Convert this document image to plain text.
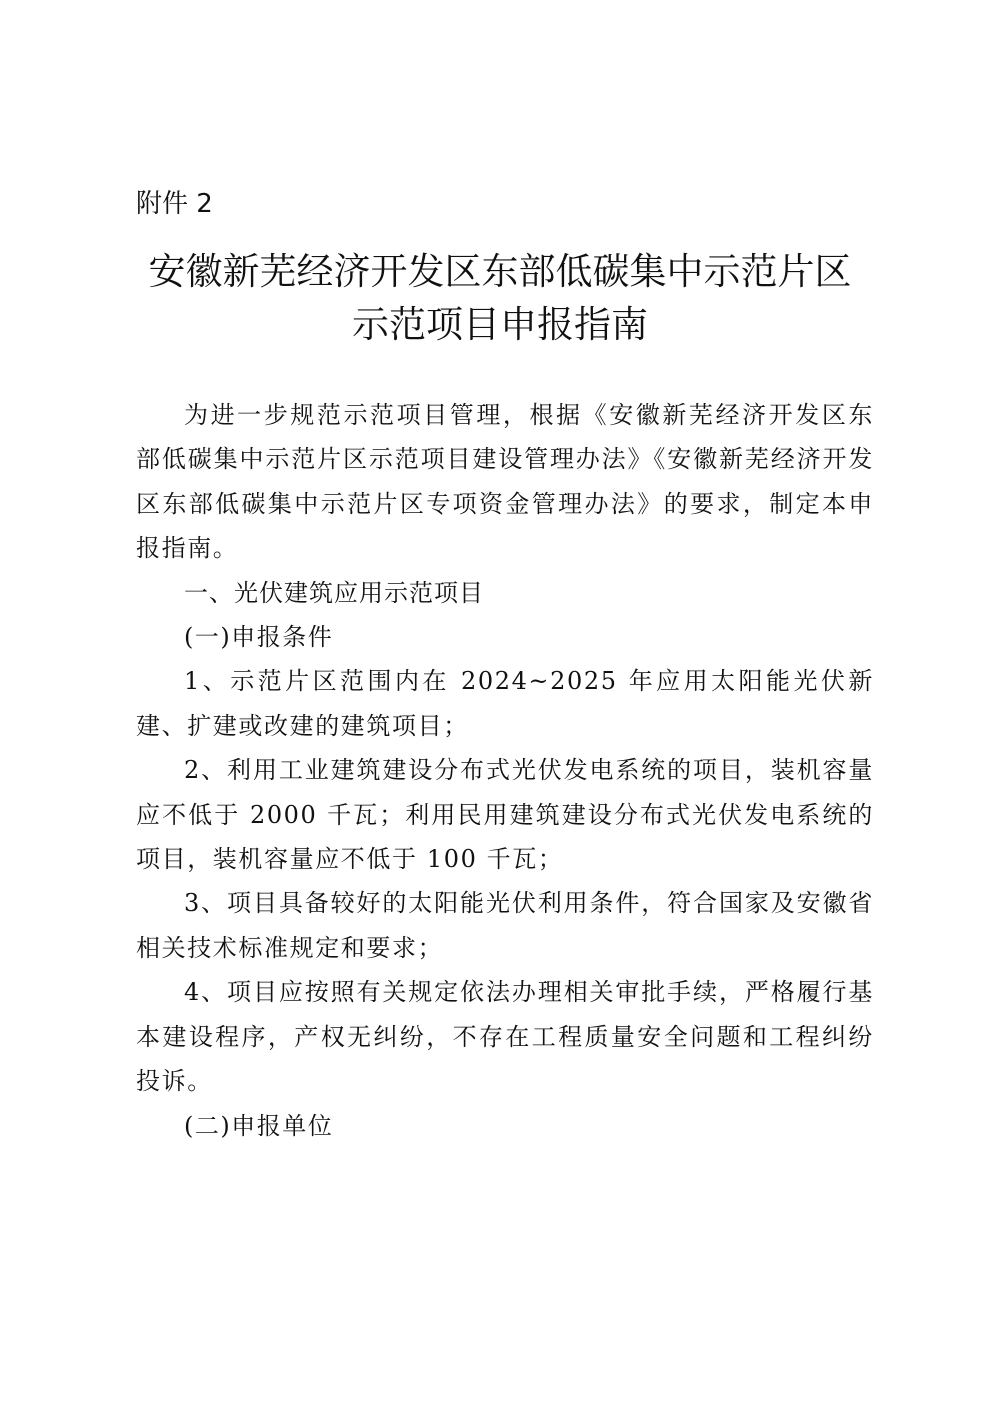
附件 2
安徽新芜经济开发区东部低碳集中示范片区
示范项目申报指南

为进一步规范示范项目管理，根据《安徽新芜经济开发区东部低碳集中示范片区示范项目建设管理办法》《安徽新芜经济开发区东部低碳集中示范片区专项资金管理办法》的要求，制定本申报指南。

一、光伏建筑应用示范项目

(一)申报条件

1、示范片区范围内在 2024~2025 年应用太阳能光伏新建、扩建或改建的建筑项目；

2、利用工业建筑建设分布式光伏发电系统的项目，装机容量应不低于 2000 千瓦；利用民用建筑建设分布式光伏发电系统的项目，装机容量应不低于 100 千瓦；

3、项目具备较好的太阳能光伏利用条件，符合国家及安徽省相关技术标准规定和要求；

4、项目应按照有关规定依法办理相关审批手续，严格履行基本建设程序，产权无纠纷，不存在工程质量安全问题和工程纠纷投诉。

(二)申报单位
